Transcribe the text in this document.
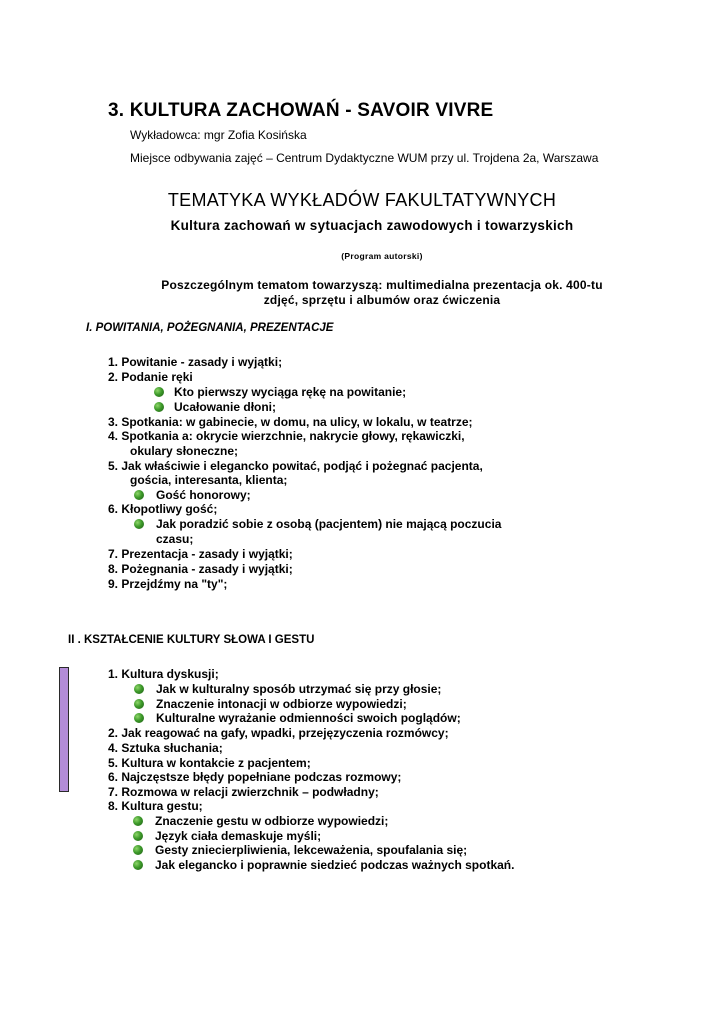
3. KULTURA ZACHOWAŃ - SAVOIR VIVRE
Wykładowca: mgr Zofia Kosińska
Miejsce odbywania zajęć – Centrum Dydaktyczne WUM przy ul. Trojdena 2a, Warszawa
TEMATYKA WYKŁADÓW FAKULTATYWNYCH
Kultura zachowań w sytuacjach zawodowych i towarzyskich
(Program autorski)
Poszczególnym tematom towarzyszą: multimedialna prezentacja ok. 400-tu
zdjęć, sprzętu i albumów oraz ćwiczenia
I. POWITANIA, POŻEGNANIA, PREZENTACJE
1. Powitanie - zasady i wyjątki;
2. Podanie ręki
Kto pierwszy wyciąga rękę na powitanie;
Ucałowanie dłoni;
3. Spotkania: w gabinecie, w domu, na ulicy, w lokalu, w teatrze;
4. Spotkania a: okrycie wierzchnie, nakrycie głowy, rękawiczki,
okulary słoneczne;
5. Jak właściwie i elegancko powitać, podjąć i pożegnać pacjenta,
gościa, interesanta, klienta;
Gość honorowy;
6. Kłopotliwy gość;
Jak poradzić sobie z osobą (pacjentem) nie mającą poczucia
czasu;
7. Prezentacja - zasady i wyjątki;
8. Pożegnania - zasady i wyjątki;
9. Przejdźmy na "ty";
II . KSZTAŁCENIE KULTURY SŁOWA I GESTU
1. Kultura dyskusji;
Jak w kulturalny sposób utrzymać się przy głosie;
Znaczenie intonacji w odbiorze wypowiedzi;
Kulturalne wyrażanie odmienności swoich poglądów;
2. Jak reagować na gafy, wpadki, przejęzyczenia rozmówcy;
4. Sztuka słuchania;
5. Kultura w kontakcie z pacjentem;
6. Najczęstsze błędy popełniane podczas rozmowy;
7. Rozmowa w relacji zwierzchnik – podwładny;
8. Kultura gestu;
Znaczenie gestu w odbiorze wypowiedzi;
Język ciała demaskuje myśli;
Gesty zniecierpliwienia, lekceważenia, spoufalania się;
Jak elegancko i poprawnie siedzieć podczas ważnych spotkań.
